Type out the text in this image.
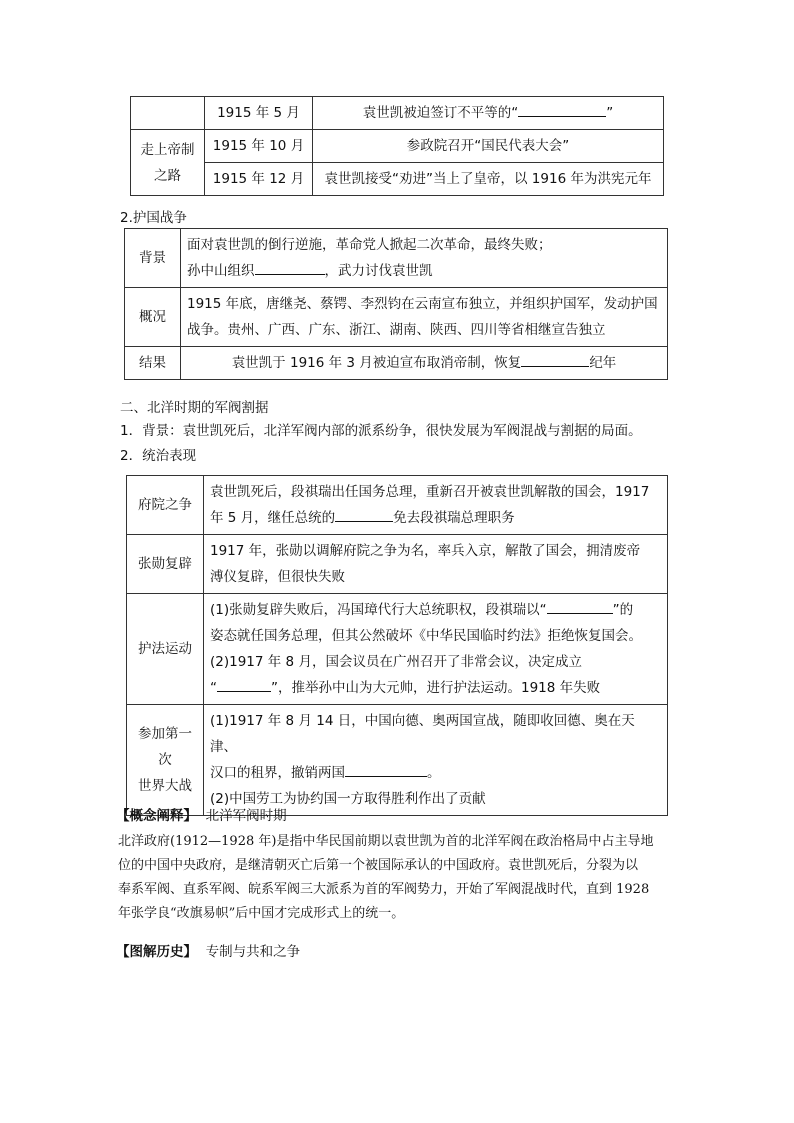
	1915 年 5 月	袁世凯被迫签订不平等的“ ”
走上帝制
之路	1915 年 10 月	参政院召开“国民代表大会”
	1915 年 12 月	袁世凯接受“劝进”当上了皇帝，以 1916 年为洪宪元年
2.护国战争
背景	面对袁世凯的倒行逆施，革命党人掀起二次革命，最终失败；
孙中山组织 ，武力讨伐袁世凯
概况	1915 年底，唐继尧、蔡锷、李烈钧在云南宣布独立，并组织护国军，发动护国
战争。贵州、广西、广东、浙江、湖南、陕西、四川等省相继宣告独立
结果	袁世凯于 1916 年 3 月被迫宣布取消帝制，恢复 纪年
二、北洋时期的军阀割据
1．背景：袁世凯死后，北洋军阀内部的派系纷争，很快发展为军阀混战与割据的局面。
2．统治表现
府院之争	袁世凯死后，段祺瑞出任国务总理，重新召开被袁世凯解散的国会，1917
年 5 月，继任总统的 免去段祺瑞总理职务
张勋复辟	1917 年，张勋以调解府院之争为名，率兵入京，解散了国会，拥清废帝
溥仪复辟，但很快失败
护法运动	(1)张勋复辟失败后，冯国璋代行大总统职权，段祺瑞以“ ”的
姿态就任国务总理，但其公然破坏《中华民国临时约法》拒绝恢复国会。
(2)1917 年 8 月，国会议员在广州召开了非常会议，决定成立
“ ”，推举孙中山为大元帅，进行护法运动。1918 年失败
参加第一次
世界大战	(1)1917 年 8 月 14 日，中国向德、奥两国宣战，随即收回德、奥在天津、
汉口的租界，撤销两国 。
(2)中国劳工为协约国一方取得胜利作出了贡献
【概念阐释】 北洋军阀时期
北洋政府(1912—1928 年)是指中华民国前期以袁世凯为首的北洋军阀在政治格局中占主导地
位的中国中央政府，是继清朝灭亡后第一个被国际承认的中国政府。袁世凯死后，分裂为以
奉系军阀、直系军阀、皖系军阀三大派系为首的军阀势力，开始了军阀混战时代，直到 1928
年张学良“改旗易帜”后中国才完成形式上的统一。
【图解历史】 专制与共和之争
